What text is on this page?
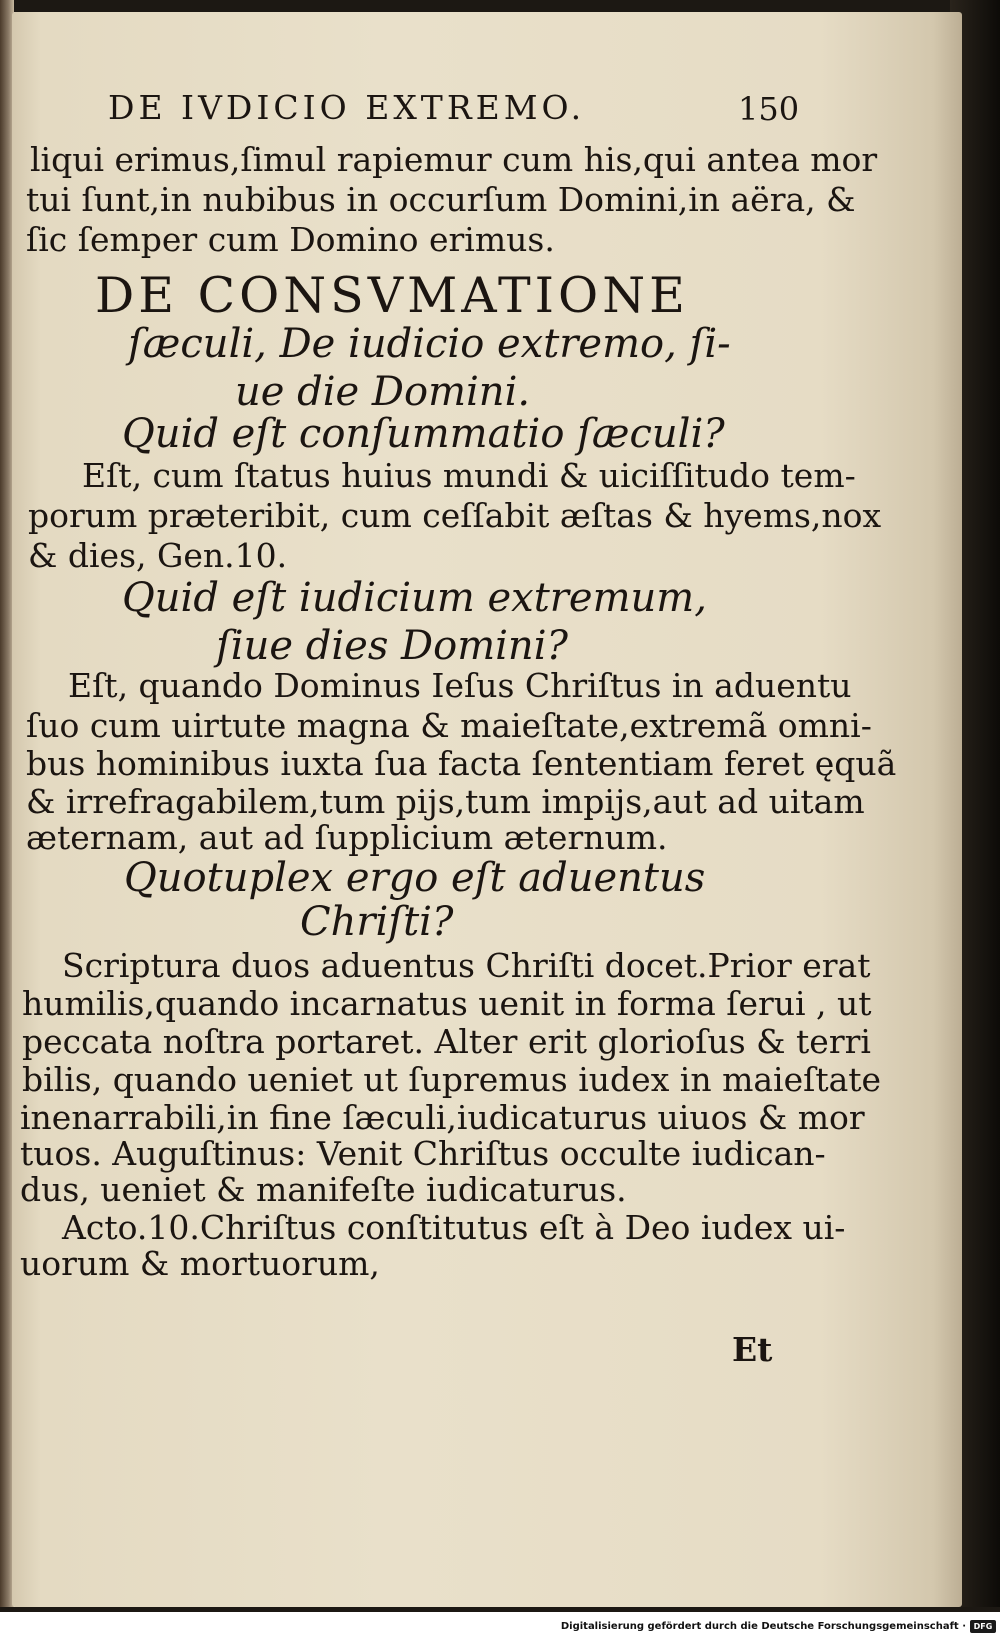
DE IVDICIO EXTREMO.	150
liqui erimus,ſimul rapiemur cum his,qui antea mor
tui ſunt,in nubibus in occurſum Domini,in aëra, &
ſic ſemper cum Domino erimus.
DE CONSVMATIONE
ſæculi, De iudicio extremo, ſi-
ue die Domini.
Quid eſt conſummatio ſæculi?
Eſt, cum ſtatus huius mundi & uiciſſitudo tem-
porum præteribit, cum ceſſabit æſtas & hyems,nox
& dies, Gen.10.
Quid eſt iudicium extremum,
ſiue dies Domini?
Eſt, quando Dominus Ieſus Chriſtus in aduentu
ſuo cum uirtute magna & maieſtate,extremã omni-
bus hominibus iuxta ſua facta ſententiam feret ęquã
& irrefragabilem,tum pijs,tum impijs,aut ad uitam
æternam, aut ad ſupplicium æternum.
Quotuplex ergo eſt aduentus
Chriſti?
Scriptura duos aduentus Chriſti docet.Prior erat
humilis,quando incarnatus uenit in forma ſerui , ut
peccata noſtra portaret. Alter erit glorioſus & terri
bilis, quando ueniet ut ſupremus iudex in maieſtate
inenarrabili,in fine ſæculi,iudicaturus uiuos & mor
tuos. Auguſtinus: Venit Chriſtus occulte iudican-
dus, ueniet & manifeſte iudicaturus.
Acto.10.Chriſtus conſtitutus eſt à Deo iudex ui-
uorum & mortuorum,
Et
Digitalisierung gefördert durch die Deutsche Forschungsgemeinschaft · DFG
